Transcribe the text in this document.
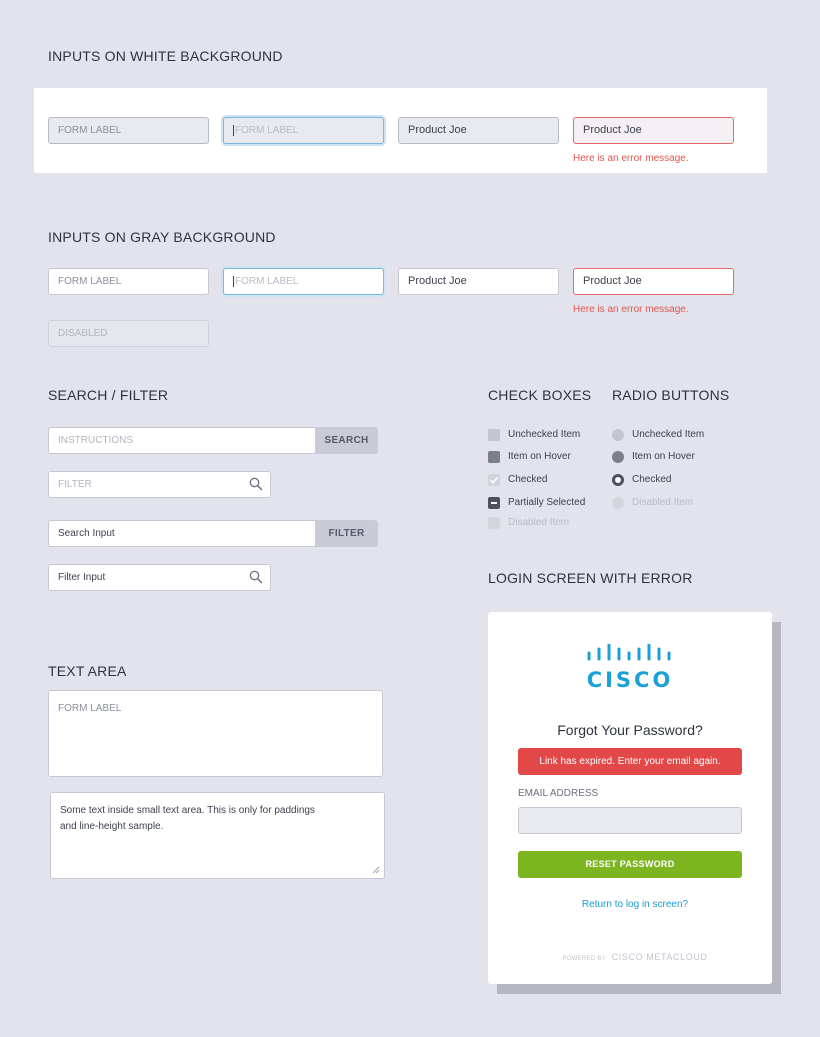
INPUTS ON WHITE BACKGROUND
FORM LABEL	FORM LABEL	Product Joe	Product Joe
Here is an error message.
INPUTS ON GRAY BACKGROUND
FORM LABEL	FORM LABEL	Product Joe	Product Joe
Here is an error message.
DISABLED
SEARCH / FILTER
INSTRUCTIONS	SEARCH
FILTER
Search Input	FILTER
Filter Input
CHECK BOXES
Unchecked Item
Item on Hover
Checked
Partially Selected
Disabled Item
RADIO BUTTONS
Unchecked Item
Item on Hover
Checked
Disabled Item
TEXT AREA
FORM LABEL
Some text inside small text area. This is only for paddings
and line-height sample.
LOGIN SCREEN WITH ERROR
CISCO
Forgot Your Password?
Link has expired. Enter your email again.
EMAIL ADDRESS
RESET PASSWORD
Return to log in screen?
POWERED BY CISCO METACLOUD
